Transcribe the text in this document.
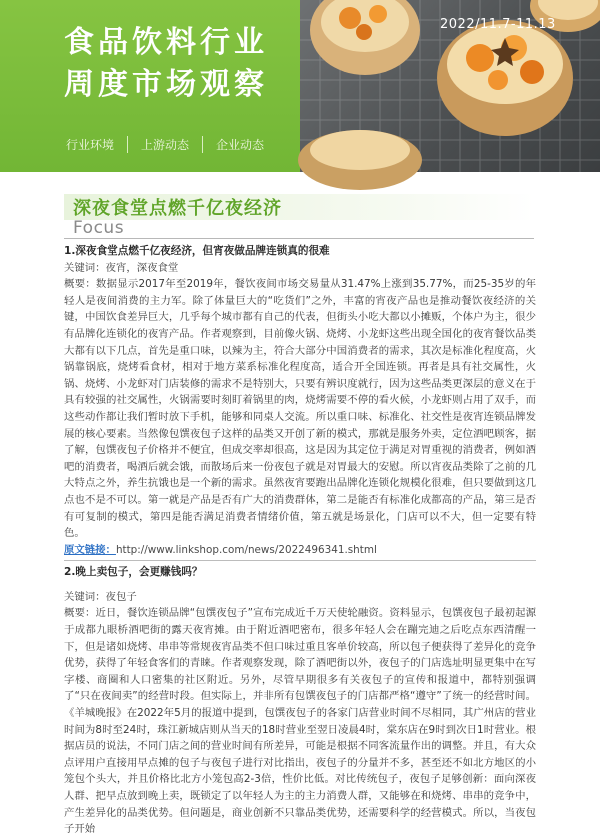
食品饮料行业
周度市场观察
2022/11.7-11.13
行业环境	上游动态	企业动态
深夜食堂点燃千亿夜经济
Focus
1.深夜食堂点燃千亿夜经济，但宵夜做品牌连锁真的很难
关键词：夜宵，深夜食堂
概要：数据显示2017年至2019年，餐饮夜间市场交易量从31.47%上涨到35.77%，而25-35岁的年轻人是夜间消费的主力军。除了体量巨大的“吃货们”之外，丰富的宵夜产品也是推动餐饮夜经济的关键，中国饮食差异巨大，几乎每个城市都有自己的代表，但街头小吃大都以小摊贩，个体户为主，很少有品牌化连锁化的夜宵产品。作者观察到，目前像火锅、烧烤、小龙虾这些出现全国化的夜宵餐饮品类大都有以下几点，首先是重口味，以辣为主，符合大部分中国消费者的需求，其次是标准化程度高，火锅靠锅底，烧烤看食材，相对于地方菜系标准化程度高，适合开全国连锁。再者是具有社交属性，火锅、烧烤、小龙虾对门店装修的需求不是特别大，只要有辨识度就行，因为这些品类更深层的意义在于具有较强的社交属性，火锅需要时刻盯着锅里的肉，烧烤需要不停的看火候，小龙虾则占用了双手，而这些动作都让我们暂时放下手机，能够和同桌人交流。所以重口味、标准化、社交性是夜宵连锁品牌发展的核心要素。当然像包馔夜包子这样的品类又开创了新的模式，那就是服务外卖，定位酒吧顾客，据了解，包馔夜包子价格并不便宜，但成交率却很高，这是因为其定位于满足对胃重视的消费者，例如酒吧的消费者，喝酒后就会饿，而散场后来一份夜包子就是对胃最大的安慰。所以宵夜品类除了之前的几大特点之外，养生抗饿也是一个新的需求。虽然夜宵要跑出品牌化连锁化规模化很难，但只要做到这几点也不是不可以。第一就是产品是否有广大的消费群体，第二是能否有标准化成都高的产品，第三是否有可复制的模式，第四是能否满足消费者情绪价值，第五就是场景化，门店可以不大，但一定要有特色。
原文链接：http://www.linkshop.com/news/2022496341.shtml
2.晚上卖包子，会更赚钱吗？
关键词：夜包子
概要：近日，餐饮连锁品牌“包馔夜包子”宣布完成近千万天使轮融资。资料显示，包馔夜包子最初起源于成都九眼桥酒吧街的露天夜宵摊。由于附近酒吧密布，很多年轻人会在蹦完迪之后吃点东西清醒一下，但是诸如烧烤、串串等常规夜宵品类不但口味过重且客单价较高，所以包子便获得了差异化的竞争优势，获得了年轻食客们的青睐。作者观察发现，除了酒吧街以外，夜包子的门店选址明显更集中在写字楼、商圈和人口密集的社区附近。另外，尽管早期很多有关夜包子的宣传和报道中，都特别强调了“只在夜间卖”的经营时段。但实际上，并非所有包馔夜包子的门店都严格“遵守”了统一的经营时间。《羊城晚报》在2022年5月的报道中提到，包馔夜包子的各家门店营业时间不尽相同，其广州店的营业时间为8时至24时，珠江新城店则从当天的18时营业至翌日凌晨4时，棠东店在9时到次日1时营业。根据店员的说法，不同门店之间的营业时间有所差异，可能是根据不同客流量作出的调整。并且，有大众点评用户直接用早点摊的包子与夜包子进行对比指出，夜包子的分量并不多，甚至还不如北方地区的小笼包个头大，并且价格比北方小笼包高2-3倍，性价比低。对比传统包子，夜包子足够创新：面向深夜人群、把早点放到晚上卖，既锁定了以年轻人为主的主力消费人群，又能够在和烧烤、串串的竞争中，产生差异化的品类优势。但问题是，商业创新不只靠品类优势，还需要科学的经营模式。所以，当夜包子开始
